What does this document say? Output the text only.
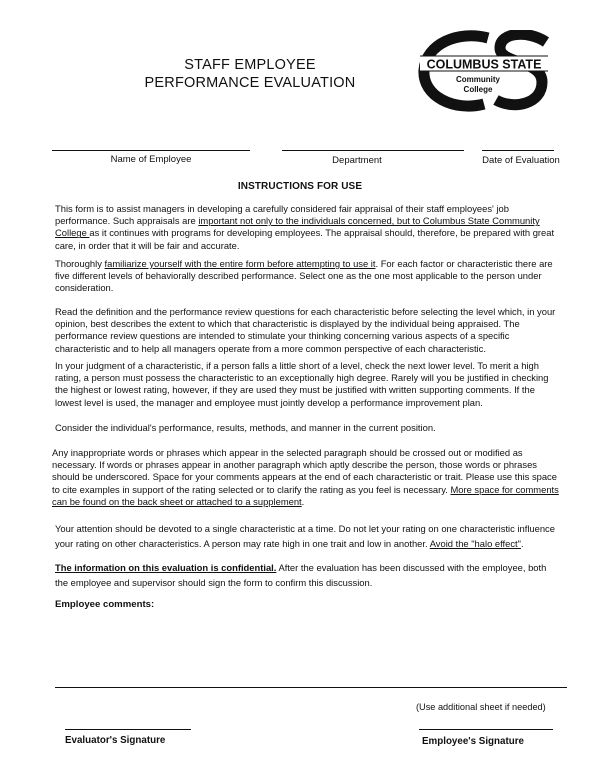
STAFF EMPLOYEE
PERFORMANCE EVALUATION
COLUMBUS STATE
Community
College
Name of Employee	Department	Date of Evaluation
INSTRUCTIONS FOR USE

This form is to assist managers in developing a carefully considered fair appraisal of their staff employees' job performance. Such appraisals are important not only to the individuals concerned, but to Columbus State Community College as it continues with programs for developing employees. The appraisal should, therefore, be prepared with great care, in order that it will be fair and accurate.

Thoroughly familiarize yourself with the entire form before attempting to use it. For each factor or characteristic there are five different levels of behaviorally described performance. Select one as the one most applicable to the person under consideration.

Read the definition and the performance review questions for each characteristic before selecting the level which, in your opinion, best describes the extent to which that characteristic is displayed by the individual being appraised. The performance review questions are intended to stimulate your thinking concerning various aspects of a specific characteristic and to help all managers operate from a more common perspective of each characteristic.

In your judgment of a characteristic, if a person falls a little short of a level, check the next lower level. To merit a high rating, a person must possess the characteristic to an exceptionally high degree. Rarely will you be justified in checking the highest or lowest rating, however, if they are used they must be justified with written supporting comments. If the lowest level is used, the manager and employee must jointly develop a performance improvement plan.

Consider the individual's performance, results, methods, and manner in the current position.

Any inappropriate words or phrases which appear in the selected paragraph should be crossed out or modified as necessary. If words or phrases appear in another paragraph which aptly describe the person, those words or phrases should be underscored. Space for your comments appears at the end of each characteristic or trait. Please use this space to cite examples in support of the rating selected or to clarify the rating as you feel is necessary. More space for comments can be found on the back sheet or attached to a supplement.

Your attention should be devoted to a single characteristic at a time. Do not let your rating on one characteristic influence your rating on other characteristics. A person may rate high in one trait and low in another. Avoid the "halo effect".

The information on this evaluation is confidential. After the evaluation has been discussed with the employee, both the employee and supervisor should sign the form to confirm this discussion.

Employee comments:
(Use additional sheet if needed)
Evaluator's Signature	Employee's Signature
